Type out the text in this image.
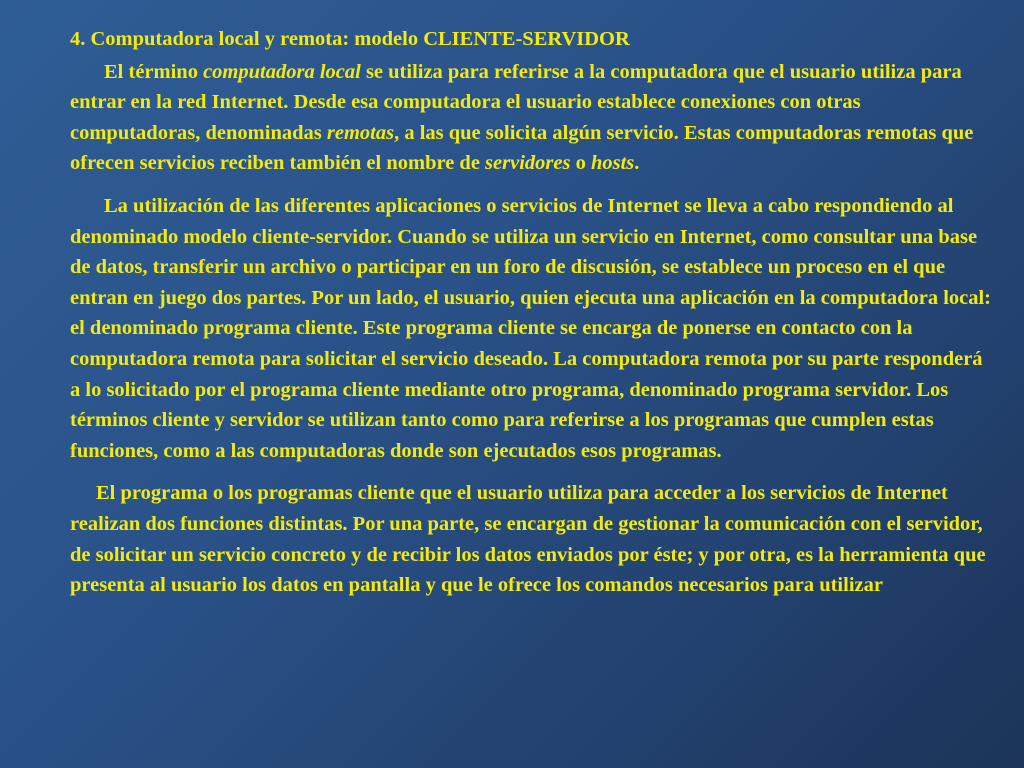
4. Computadora local y remota: modelo CLIENTE-SERVIDOR

El término computadora local se utiliza para referirse a la computadora que el usuario utiliza para entrar en la red Internet. Desde esa computadora el usuario establece conexiones con otras computadoras, denominadas remotas, a las que solicita algún servicio. Estas computadoras remotas que ofrecen servicios reciben también el nombre de servidores o hosts.

La utilización de las diferentes aplicaciones o servicios de Internet se lleva a cabo respondiendo al denominado modelo cliente-servidor. Cuando se utiliza un servicio en Internet, como consultar una base de datos, transferir un archivo o participar en un foro de discusión, se establece un proceso en el que entran en juego dos partes. Por un lado, el usuario, quien ejecuta una aplicación en la computadora local: el denominado programa cliente. Este programa cliente se encarga de ponerse en contacto con la computadora remota para solicitar el servicio deseado. La computadora remota por su parte responderá a lo solicitado por el programa cliente mediante otro programa, denominado programa servidor. Los términos cliente y servidor se utilizan tanto como para referirse a los programas que cumplen estas funciones, como a las computadoras donde son ejecutados esos programas.

El programa o los programas cliente que el usuario utiliza para acceder a los servicios de Internet realizan dos funciones distintas. Por una parte, se encargan de gestionar la comunicación con el servidor, de solicitar un servicio concreto y de recibir los datos enviados por éste; y por otra, es la herramienta que presenta al usuario los datos en pantalla y que le ofrece los comandos necesarios para utilizar
